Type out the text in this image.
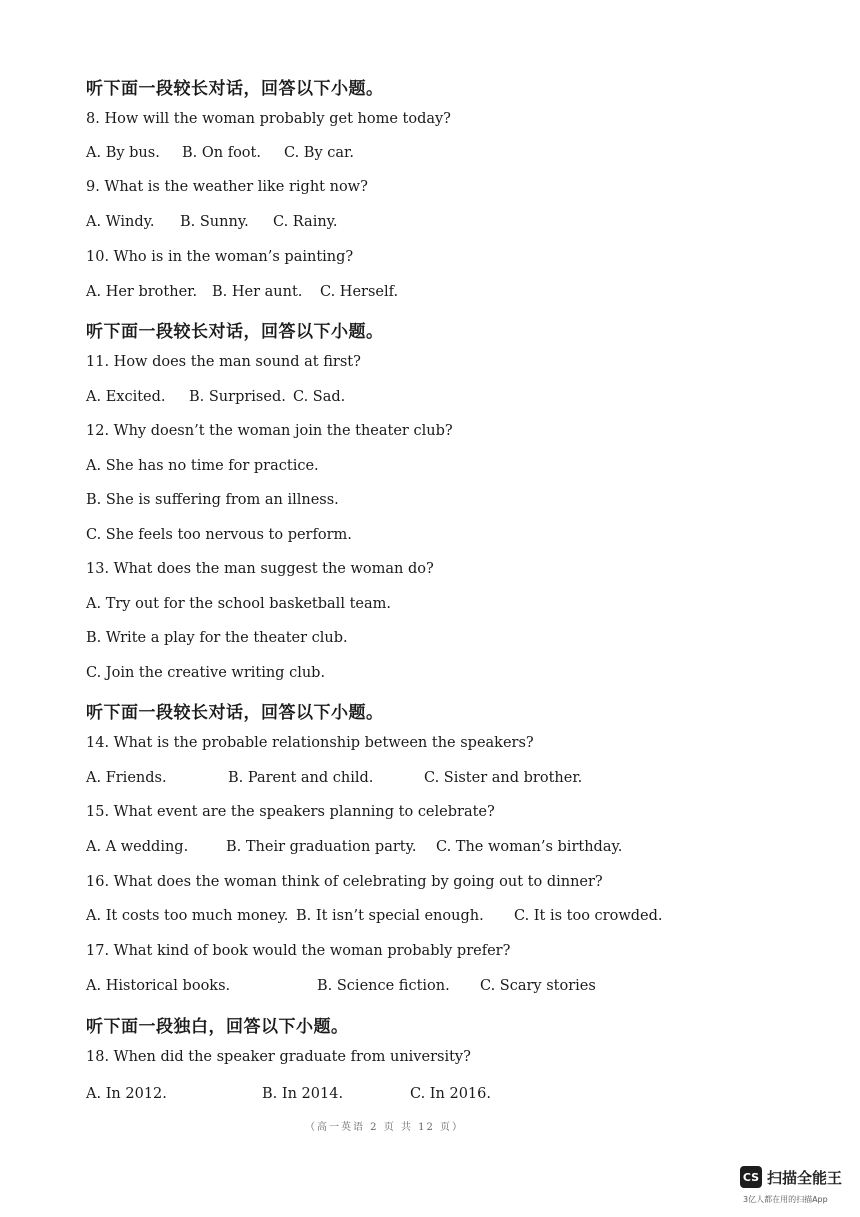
听下面一段较长对话，回答以下小题。
8. How will the woman probably get home today?
A. By bus. B. On foot. C. By car.
9. What is the weather like right now?
A. Windy. B. Sunny. C. Rainy.
10. Who is in the woman’s painting?
A. Her brother. B. Her aunt. C. Herself.
听下面一段较长对话，回答以下小题。
11. How does the man sound at first?
A. Excited. B. Surprised. C. Sad.
12. Why doesn’t the woman join the theater club?
A. She has no time for practice.
B. She is suffering from an illness.
C. She feels too nervous to perform.
13. What does the man suggest the woman do?
A. Try out for the school basketball team.
B. Write a play for the theater club.
C. Join the creative writing club.
听下面一段较长对话，回答以下小题。
14. What is the probable relationship between the speakers?
A. Friends.	B. Parent and child.	C. Sister and brother.
15. What event are the speakers planning to celebrate?
A. A wedding.	B. Their graduation party. C. The woman’s birthday.
16. What does the woman think of celebrating by going out to dinner?
A. It costs too much money. B. It isn’t special enough. C. It is too crowded.
17. What kind of book would the woman probably prefer?
A. Historical books.	B. Science fiction. C. Scary stories
听下面一段独白，回答以下小题。
18. When did the speaker graduate from university?
A. In 2012.	B. In 2014.	C. In 2016.
（高一英语 2 页 共 12 页）
CS 扫描全能王
3亿人都在用的扫描App
